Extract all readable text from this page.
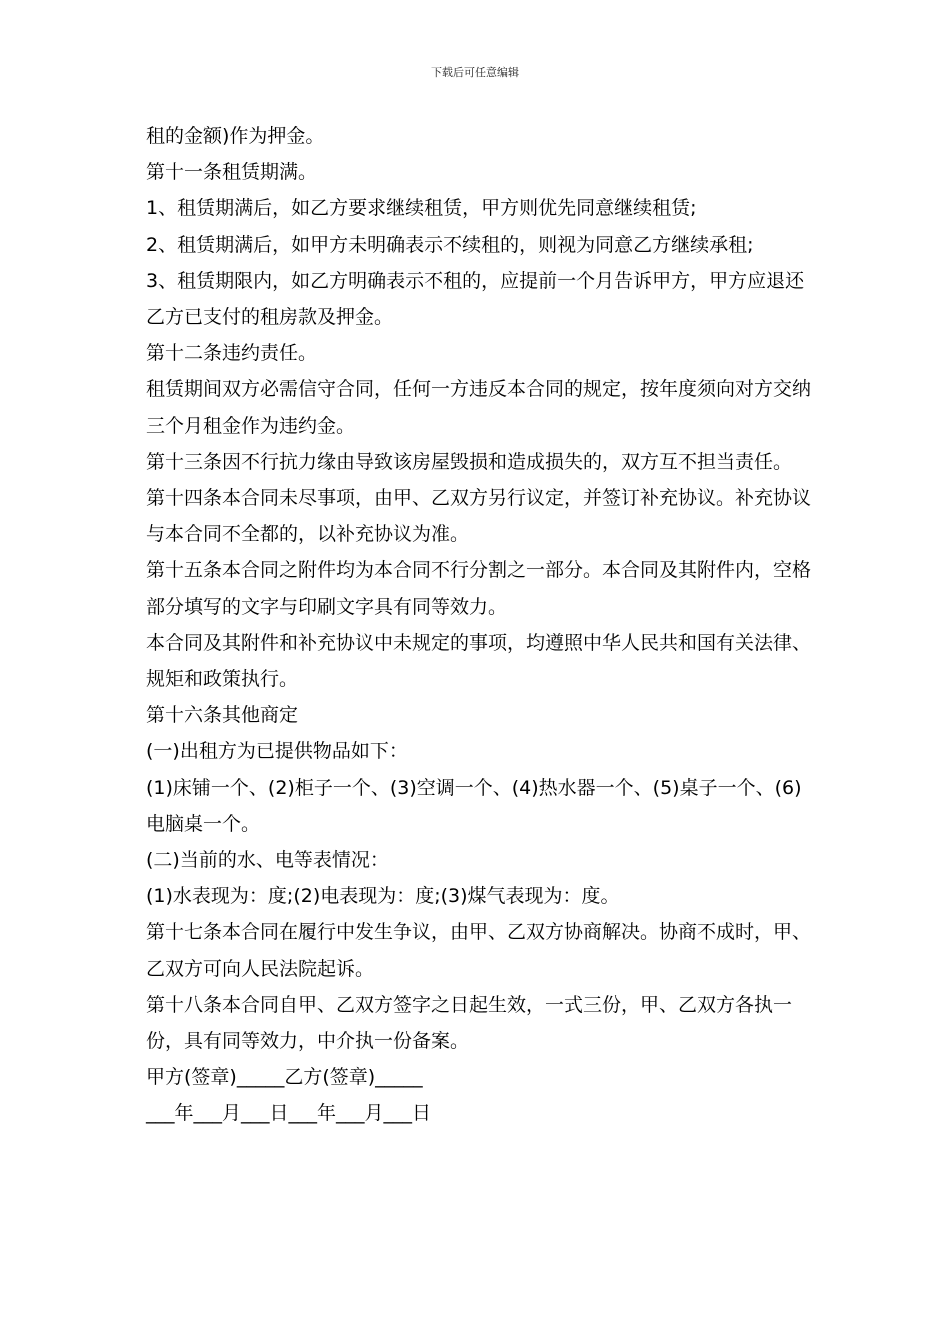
下载后可任意编辑

租的金额)作为押金。

第十一条租赁期满。

1、租赁期满后，如乙方要求继续租赁，甲方则优先同意继续租赁;

2、租赁期满后，如甲方未明确表示不续租的，则视为同意乙方继续承租;

3、租赁期限内，如乙方明确表示不租的，应提前一个月告诉甲方，甲方应退还乙方已支付的租房款及押金。

第十二条违约责任。

租赁期间双方必需信守合同，任何一方违反本合同的规定，按年度须向对方交纳三个月租金作为违约金。

第十三条因不行抗力缘由导致该房屋毁损和造成损失的，双方互不担当责任。

第十四条本合同未尽事项，由甲、乙双方另行议定，并签订补充协议。补充协议与本合同不全都的，以补充协议为准。

第十五条本合同之附件均为本合同不行分割之一部分。本合同及其附件内，空格部分填写的文字与印刷文字具有同等效力。

本合同及其附件和补充协议中未规定的事项，均遵照中华人民共和国有关法律、规矩和政策执行。

第十六条其他商定

(一)出租方为已提供物品如下：

(1)床铺一个、(2)柜子一个、(3)空调一个、(4)热水器一个、(5)桌子一个、(6)电脑桌一个。

(二)当前的水、电等表情况：

(1)水表现为：度;(2)电表现为：度;(3)煤气表现为：度。

第十七条本合同在履行中发生争议，由甲、乙双方协商解决。协商不成时，甲、乙双方可向人民法院起诉。

第十八条本合同自甲、乙双方签字之日起生效，一式三份，甲、乙双方各执一份，具有同等效力，中介执一份备案。

甲方(签章)_____乙方(签章)_____

___年___月___日___年___月___日
